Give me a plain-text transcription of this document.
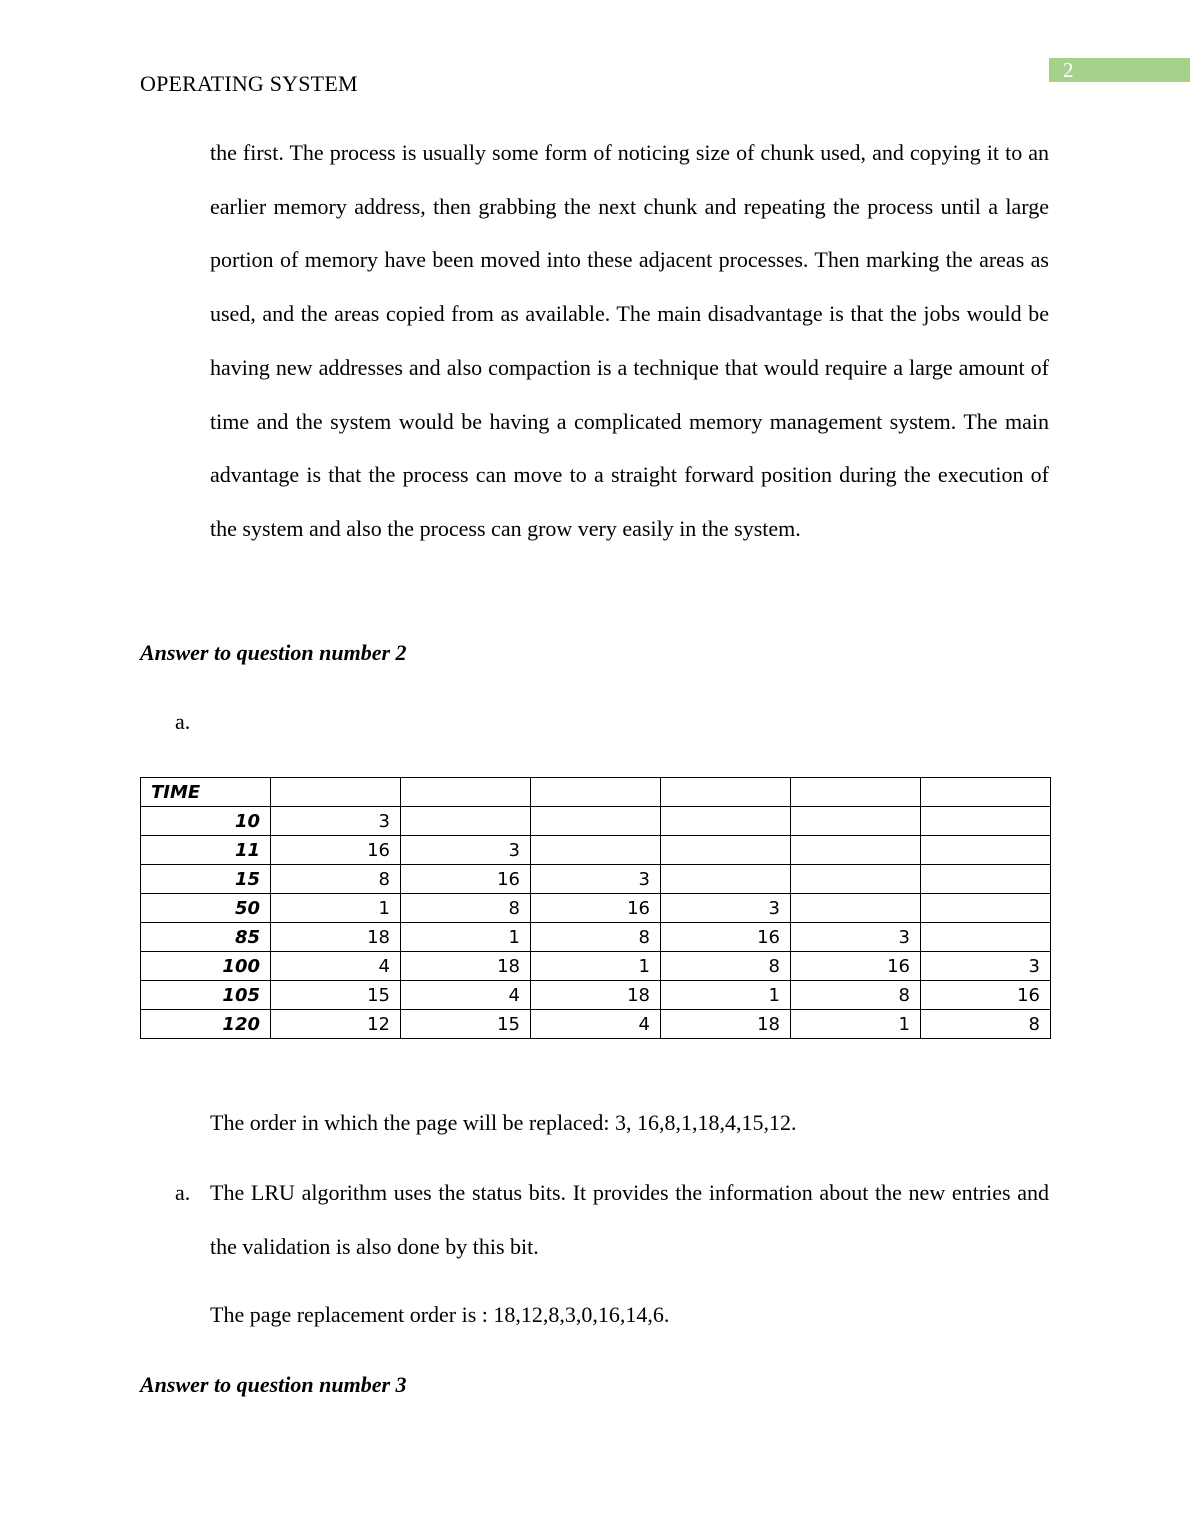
2
OPERATING SYSTEM

the first. The process is usually some form of noticing size of chunk used, and copying it to an earlier memory address, then grabbing the next chunk and repeating the process until a large portion of memory have been moved into these adjacent processes. Then marking the areas as used, and the areas copied from as available. The main disadvantage is that the jobs would be having new addresses and also compaction is a technique that would require a large amount of time and the system would be having a complicated memory management system. The main advantage is that the process can move to a straight forward position during the execution of the system and also the process can grow very easily in the system.

Answer to question number 2
a.
TIME						
10	3					
11	16	3				
15	8	16	3			
50	1	8	16	3		
85	18	1	8	16	3	
100	4	18	1	8	16	3
105	15	4	18	1	8	16
120	12	15	4	18	1	8
The order in which the page will be replaced: 3, 16,8,1,18,4,15,12.
a. The LRU algorithm uses the status bits. It provides the information about the new entries and the validation is also done by this bit.

The page replacement order is : 18,12,8,3,0,16,14,6.
Answer to question number 3
